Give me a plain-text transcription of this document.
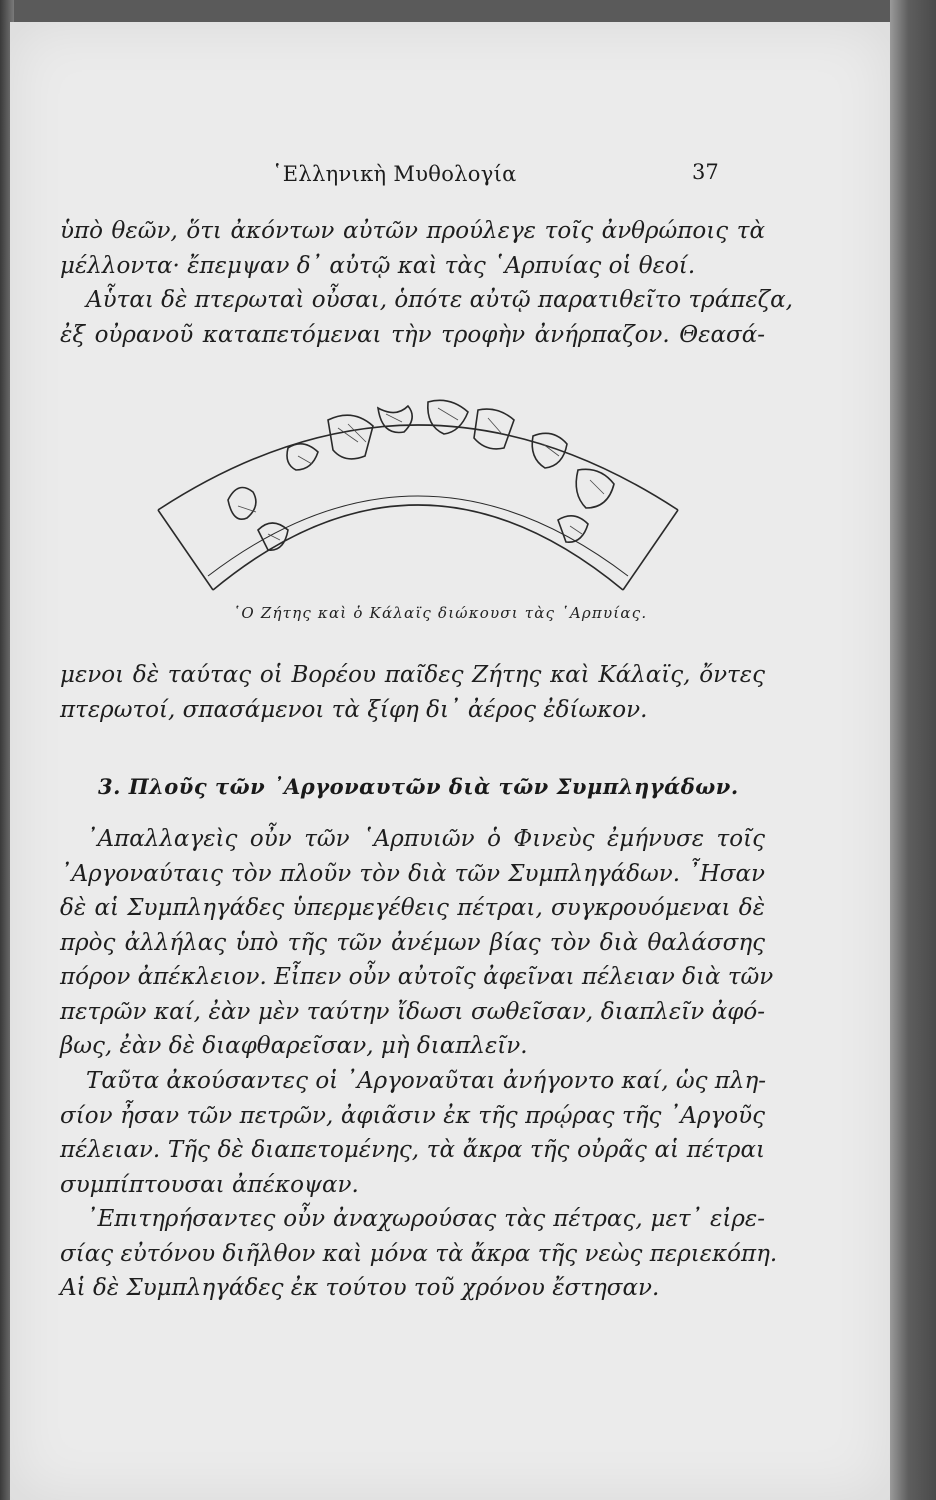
῾Ελληνικὴ Μυθολογία	37
ὑπὸ θεῶν, ὅτι ἀκόντων αὐτῶν προύλεγε τοῖς ἀνθρώποις τὰ
μέλλοντα· ἔπεμψαν δ᾽ αὐτῷ καὶ τὰς ῾Αρπυίας οἱ θεοί.
Αὗται δὲ πτερωταὶ οὖσαι, ὁπότε αὐτῷ παρατιθεῖτο τράπεζα,
ἐξ οὐρανοῦ καταπετόμεναι τὴν τροφὴν ἀνήρπαζον. Θεασά-
῾Ο Ζήτης καὶ ὁ Κάλαϊς διώκουσι τὰς ῾Αρπυίας.
μενοι δὲ ταύτας οἱ Βορέου παῖδες Ζήτης καὶ Κάλαϊς, ὄντες
πτερωτοί, σπασάμενοι τὰ ξίφη δι᾽ ἀέρος ἐδίωκον.
3. Πλοῦς τῶν ᾽Αργοναυτῶν διὰ τῶν Συμπληγάδων.
᾽Απαλλαγεὶς οὖν τῶν ῾Αρπυιῶν ὁ Φινεὺς ἐμήνυσε τοῖς
᾽Αργοναύταις τὸν πλοῦν τὸν διὰ τῶν Συμπληγάδων. ῏Ησαν
δὲ αἱ Συμπληγάδες ὑπερμεγέθεις πέτραι, συγκρουόμεναι δὲ
πρὸς ἀλλήλας ὑπὸ τῆς τῶν ἀνέμων βίας τὸν διὰ θαλάσσης
πόρον ἀπέκλειον. Εἶπεν οὖν αὐτοῖς ἀφεῖναι πέλειαν διὰ τῶν
πετρῶν καί, ἐὰν μὲν ταύτην ἴδωσι σωθεῖσαν, διαπλεῖν ἀφό-
βως, ἐὰν δὲ διαφθαρεῖσαν, μὴ διαπλεῖν.
Ταῦτα ἀκούσαντες οἱ ᾽Αργοναῦται ἀνήγοντο καί, ὡς πλη-
σίον ἦσαν τῶν πετρῶν, ἀφιᾶσιν ἐκ τῆς πρῴρας τῆς ᾽Αργοῦς
πέλειαν. Τῆς δὲ διαπετομένης, τὰ ἄκρα τῆς οὐρᾶς αἱ πέτραι
συμπίπτουσαι ἀπέκοψαν.
᾽Επιτηρήσαντες οὖν ἀναχωρούσας τὰς πέτρας, μετ᾽ εἰρε-
σίας εὐτόνου διῆλθον καὶ μόνα τὰ ἄκρα τῆς νεὼς περιεκόπη.
Αἱ δὲ Συμπληγάδες ἐκ τούτου τοῦ χρόνου ἔστησαν.
